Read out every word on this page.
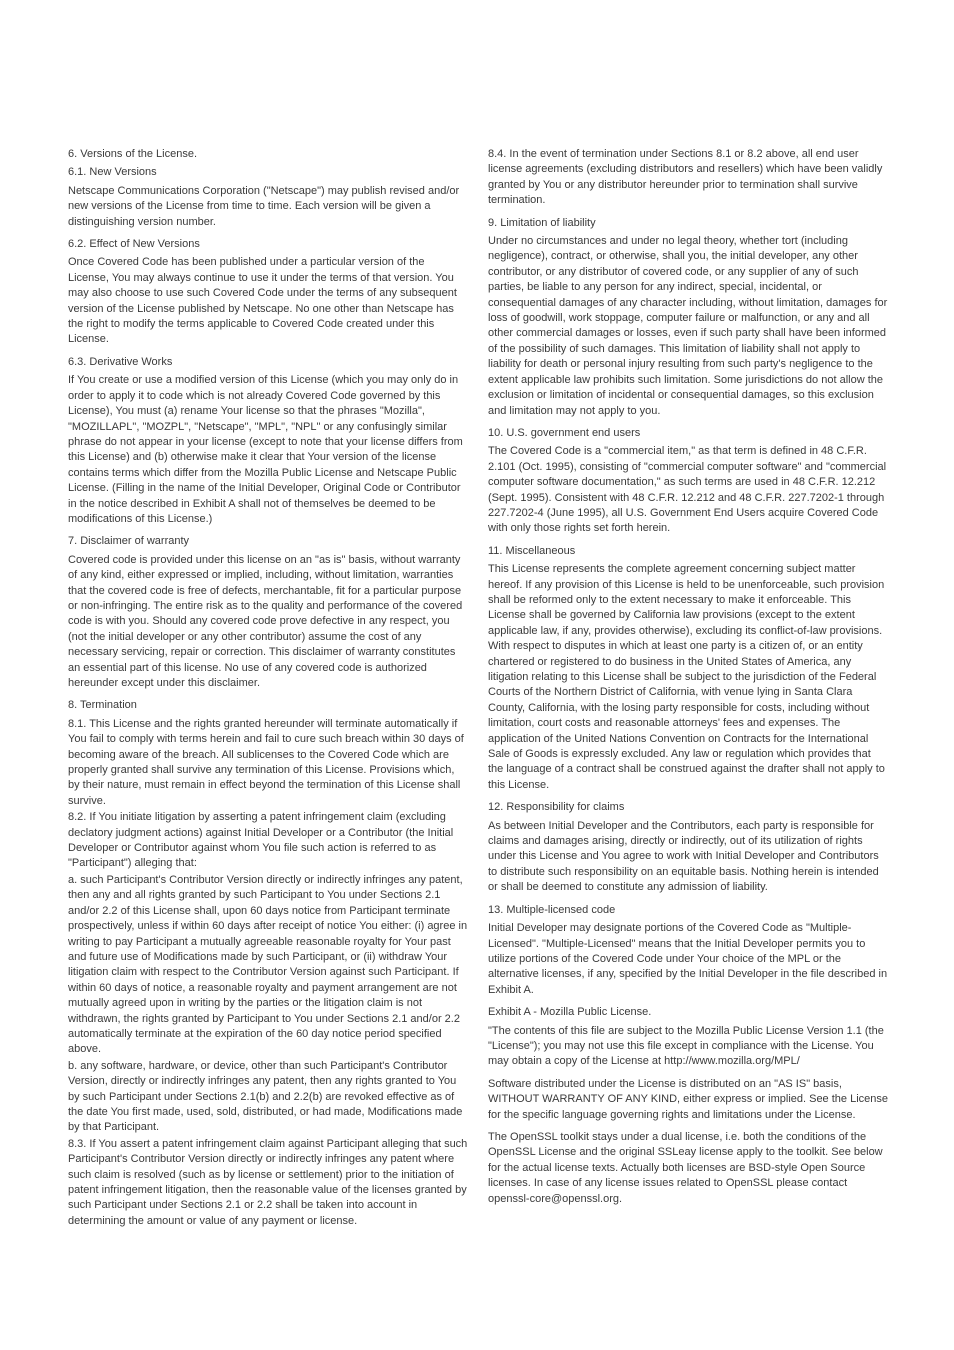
6. Versions of the License.

6.1. New Versions

Netscape Communications Corporation ("Netscape") may publish revised and/or new versions of the License from time to time. Each version will be given a distinguishing version number.

6.2. Effect of New Versions

Once Covered Code has been published under a particular version of the License, You may always continue to use it under the terms of that version. You may also choose to use such Covered Code under the terms of any subsequent version of the License published by Netscape. No one other than Netscape has the right to modify the terms applicable to Covered Code created under this License.

6.3. Derivative Works

If You create or use a modified version of this License (which you may only do in order to apply it to code which is not already Covered Code governed by this License), You must (a) rename Your license so that the phrases "Mozilla", "MOZILLAPL", "MOZPL", "Netscape", "MPL", "NPL" or any confusingly similar phrase do not appear in your license (except to note that your license differs from this License) and (b) otherwise make it clear that Your version of the license contains terms which differ from the Mozilla Public License and Netscape Public License. (Filling in the name of the Initial Developer, Original Code or Contributor in the notice described in Exhibit A shall not of themselves be deemed to be modifications of this License.)

7. Disclaimer of warranty

Covered code is provided under this license on an "as is" basis, without warranty of any kind, either expressed or implied, including, without limitation, warranties that the covered code is free of defects, merchantable, fit for a particular purpose or non-infringing. The entire risk as to the quality and performance of the covered code is with you. Should any covered code prove defective in any respect, you (not the initial developer or any other contributor) assume the cost of any necessary servicing, repair or correction. This disclaimer of warranty constitutes an essential part of this license. No use of any covered code is authorized hereunder except under this disclaimer.

8. Termination

8.1. This License and the rights granted hereunder will terminate automatically if You fail to comply with terms herein and fail to cure such breach within 30 days of becoming aware of the breach. All sublicenses to the Covered Code which are properly granted shall survive any termination of this License. Provisions which, by their nature, must remain in effect beyond the termination of this License shall survive.

8.2. If You initiate litigation by asserting a patent infringement claim (excluding declatory judgment actions) against Initial Developer or a Contributor (the Initial Developer or Contributor against whom You file such action is referred to as "Participant") alleging that:

a. such Participant's Contributor Version directly or indirectly infringes any patent, then any and all rights granted by such Participant to You under Sections 2.1 and/or 2.2 of this License shall, upon 60 days notice from Participant terminate prospectively, unless if within 60 days after receipt of notice You either: (i) agree in writing to pay Participant a mutually agreeable reasonable royalty for Your past and future use of Modifications made by such Participant, or (ii) withdraw Your litigation claim with respect to the Contributor Version against such Participant. If within 60 days of notice, a reasonable royalty and payment arrangement are not mutually agreed upon in writing by the parties or the litigation claim is not withdrawn, the rights granted by Participant to You under Sections 2.1 and/or 2.2 automatically terminate at the expiration of the 60 day notice period specified above.

b. any software, hardware, or device, other than such Participant's Contributor Version, directly or indirectly infringes any patent, then any rights granted to You by such Participant under Sections 2.1(b) and 2.2(b) are revoked effective as of the date You first made, used, sold, distributed, or had made, Modifications made by that Participant.

8.3. If You assert a patent infringement claim against Participant alleging that such Participant's Contributor Version directly or indirectly infringes any patent where such claim is resolved (such as by license or settlement) prior to the initiation of patent infringement litigation, then the reasonable value of the licenses granted by such Participant under Sections 2.1 or 2.2 shall be taken into account in determining the amount or value of any payment or license.

8.4. In the event of termination under Sections 8.1 or 8.2 above, all end user license agreements (excluding distributors and resellers) which have been validly granted by You or any distributor hereunder prior to termination shall survive termination.

9. Limitation of liability

Under no circumstances and under no legal theory, whether tort (including negligence), contract, or otherwise, shall you, the initial developer, any other contributor, or any distributor of covered code, or any supplier of any of such parties, be liable to any person for any indirect, special, incidental, or consequential damages of any character including, without limitation, damages for loss of goodwill, work stoppage, computer failure or malfunction, or any and all other commercial damages or losses, even if such party shall have been informed of the possibility of such damages. This limitation of liability shall not apply to liability for death or personal injury resulting from such party's negligence to the extent applicable law prohibits such limitation. Some jurisdictions do not allow the exclusion or limitation of incidental or consequential damages, so this exclusion and limitation may not apply to you.

10. U.S. government end users

The Covered Code is a "commercial item," as that term is defined in 48 C.F.R. 2.101 (Oct. 1995), consisting of "commercial computer software" and "commercial computer software documentation," as such terms are used in 48 C.F.R. 12.212 (Sept. 1995). Consistent with 48 C.F.R. 12.212 and 48 C.F.R. 227.7202-1 through 227.7202-4 (June 1995), all U.S. Government End Users acquire Covered Code with only those rights set forth herein.

11. Miscellaneous

This License represents the complete agreement concerning subject matter hereof. If any provision of this License is held to be unenforceable, such provision shall be reformed only to the extent necessary to make it enforceable. This License shall be governed by California law provisions (except to the extent applicable law, if any, provides otherwise), excluding its conflict-of-law provisions. With respect to disputes in which at least one party is a citizen of, or an entity chartered or registered to do business in the United States of America, any litigation relating to this License shall be subject to the jurisdiction of the Federal Courts of the Northern District of California, with venue lying in Santa Clara County, California, with the losing party responsible for costs, including without limitation, court costs and reasonable attorneys' fees and expenses. The application of the United Nations Convention on Contracts for the International Sale of Goods is expressly excluded. Any law or regulation which provides that the language of a contract shall be construed against the drafter shall not apply to this License.

12. Responsibility for claims

As between Initial Developer and the Contributors, each party is responsible for claims and damages arising, directly or indirectly, out of its utilization of rights under this License and You agree to work with Initial Developer and Contributors to distribute such responsibility on an equitable basis. Nothing herein is intended or shall be deemed to constitute any admission of liability.

13. Multiple-licensed code

Initial Developer may designate portions of the Covered Code as "Multiple-Licensed". "Multiple-Licensed" means that the Initial Developer permits you to utilize portions of the Covered Code under Your choice of the MPL or the alternative licenses, if any, specified by the Initial Developer in the file described in Exhibit A.

Exhibit A - Mozilla Public License.

"The contents of this file are subject to the Mozilla Public License Version 1.1 (the "License"); you may not use this file except in compliance with the License. You may obtain a copy of the License at http://www.mozilla.org/MPL/

Software distributed under the License is distributed on an "AS IS" basis, WITHOUT WARRANTY OF ANY KIND, either express or implied. See the License for the specific language governing rights and limitations under the License.

The OpenSSL toolkit stays under a dual license, i.e. both the conditions of the OpenSSL License and the original SSLeay license apply to the toolkit. See below for the actual license texts. Actually both licenses are BSD-style Open Source licenses. In case of any license issues related to OpenSSL please contact openssl-core@openssl.org.
